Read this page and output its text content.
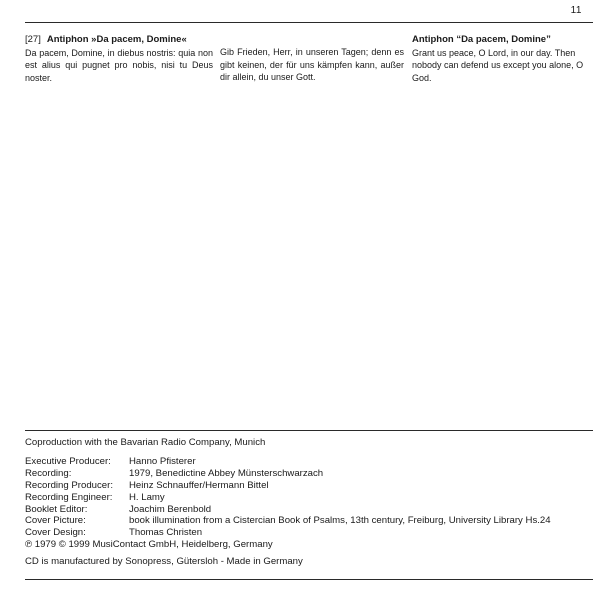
11
[27] Antiphon »Da pacem, Domine«
Da pacem, Domine, in diebus nostris: quia non est alius qui pugnet pro nobis, nisi tu Deus noster.
Gib Frieden, Herr, in unseren Tagen; denn es gibt keinen, der für uns kämpfen kann, außer dir allein, du unser Gott.
Antiphon “Da pacem, Domine”
Grant us peace, O Lord, in our day. Then nobody can defend us except you alone, O God.
Coproduction with the Bavarian Radio Company, Munich
Executive Producer:	Hanno Pfisterer
Recording:	1979, Benedictine Abbey Münsterschwarzach
Recording Producer:	Heinz Schnauffer/Hermann Bittel
Recording Engineer:	H. Lamy
Booklet Editor:	Joachim Berenbold
Cover Picture:	book illumination from a Cistercian Book of Psalms, 13th century, Freiburg, University Library Hs.24
Cover Design:	Thomas Christen
℗ 1979 © 1999 MusiContact GmbH, Heidelberg, Germany
CD is manufactured by Sonopress, Gütersloh - Made in Germany
